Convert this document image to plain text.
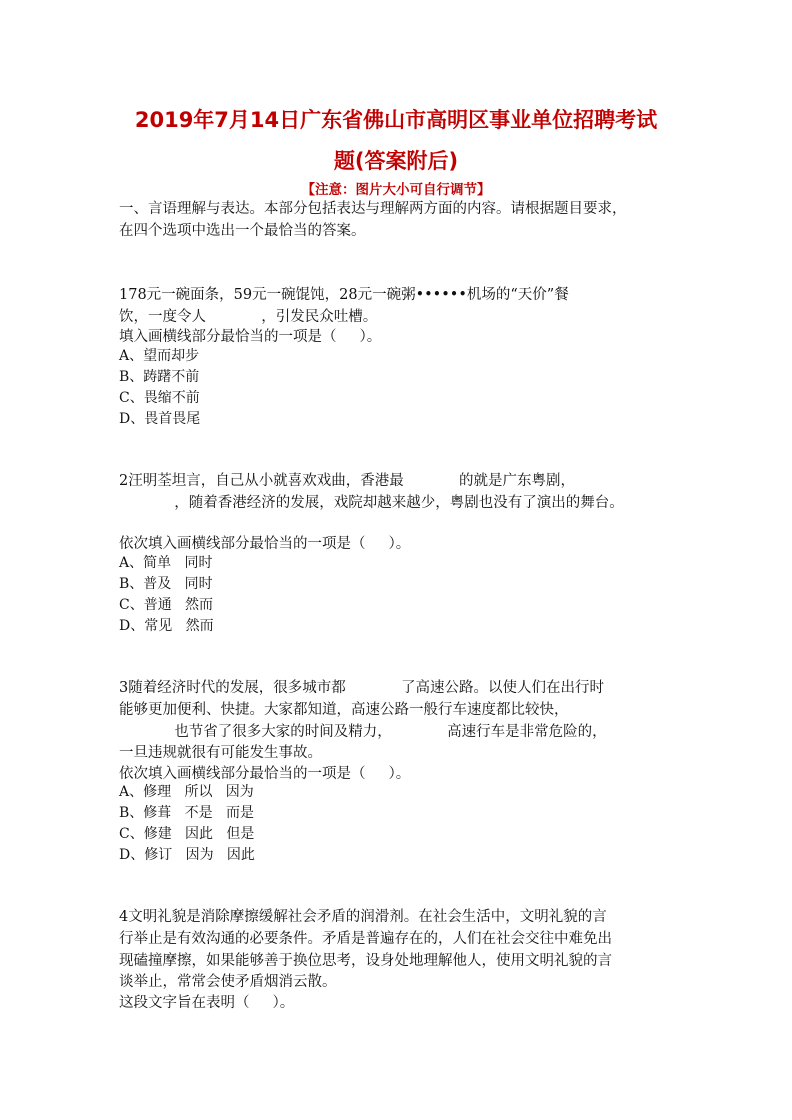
2019年7月14日广东省佛山市高明区事业单位招聘考试
题(答案附后)
【注意：图片大小可自行调节】
一、言语理解与表达。本部分包括表达与理解两方面的内容。请根据题目要求，
在四个选项中选出一个最恰当的答案。
178元一碗面条，59元一碗馄饨，28元一碗粥••••••机场的“天价”餐
饮，一度令人            ，引发民众吐槽。
填入画横线部分最恰当的一项是（     ）。
A、望而却步
B、踌躇不前
C、畏缩不前
D、畏首畏尾
2汪明荃坦言，自己从小就喜欢戏曲，香港最            的就是广东粤剧，
，随着香港经济的发展，戏院却越来越少，粤剧也没有了演出的舞台。
依次填入画横线部分最恰当的一项是（     ）。
A、简单   同时
B、普及   同时
C、普通   然而
D、常见   然而
3随着经济时代的发展，很多城市都            了高速公路。以使人们在出行时
能够更加便利、快捷。大家都知道，高速公路一般行车速度都比较快，
也节省了很多大家的时间及精力，            高速行车是非常危险的，
一旦违规就很有可能发生事故。
依次填入画横线部分最恰当的一项是（     ）。
A、修理   所以   因为
B、修葺   不是   而是
C、修建   因此   但是
D、修订   因为   因此
4文明礼貌是消除摩擦缓解社会矛盾的润滑剂。在社会生活中，文明礼貌的言
行举止是有效沟通的必要条件。矛盾是普遍存在的，人们在社会交往中难免出
现磕撞摩擦，如果能够善于换位思考，设身处地理解他人，使用文明礼貌的言
谈举止，常常会使矛盾烟消云散。
这段文字旨在表明（     ）。
